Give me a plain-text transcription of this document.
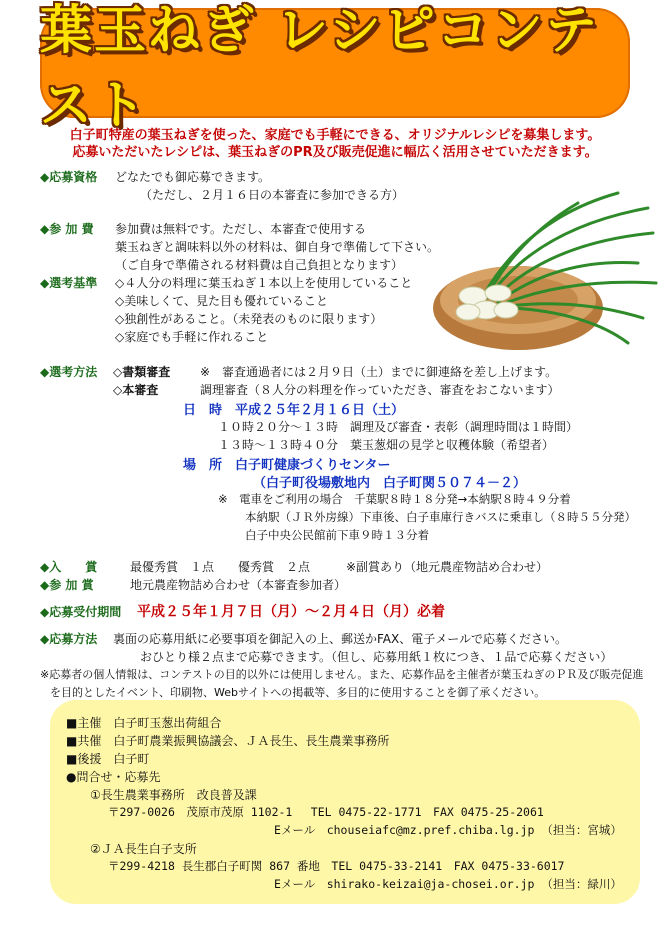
葉玉ねぎ レシピコンテスト
白子町特産の葉玉ねぎを使った、家庭でも手軽にできる、オリジナルレシピを募集します。
応募いただいたレシピは、葉玉ねぎのPR及び販売促進に幅広く活用させていただきます。
◆応募資格 どなたでも御応募できます。
（ただし、２月１６日の本審査に参加できる方）
◆参 加 費 参加費は無料です。ただし、本審査で使用する
葉玉ねぎと調味料以外の材料は、御自身で準備して下さい。
（ご自身で準備される材料費は自己負担となります）
◆選考基準 ◇４人分の料理に葉玉ねぎ１本以上を使用していること
◇美味しくて、見た目も優れていること
◇独創性があること。（未発表のものに限ります）
◇家庭でも手軽に作れること
◆選考方法 ◇書類審査 ※　審査通過者には２月９日（土）までに御連絡を差し上げます。
◇本審査	調理審査（８人分の料理を作っていただき、審査をおこないます）
日　時　平成２５年２月１６日（土）
１０時２０分～１３時　調理及び審査・表彰（調理時間は１時間）
１３時～１３時４０分　葉玉葱畑の見学と収穫体験（希望者）
場　所　白子町健康づくりセンター
（白子町役場敷地内　白子町関５０７４－２）
※　電車をご利用の場合　千葉駅８時１８分発→本納駅８時４９分着
本納駅（ＪＲ外房線）下車後、白子車庫行きバスに乗車し（８時５５分発）
白子中央公民館前下車９時１３分着
◆入　　賞	最優秀賞　１点　　優秀賞　２点　　　※副賞あり（地元農産物詰め合わせ）
◆参 加 賞	地元農産物詰め合わせ（本審査参加者）
◆応募受付期間 平成２５年１月７日（月）～２月４日（月）必着
◆応募方法 裏面の応募用紙に必要事項を御記入の上、郵送かFAX、電子メールで応募ください。
おひとり様２点まで応募できます。（但し、応募用紙１枚につき、１品で応募ください）
※応募者の個人情報は、コンテストの目的以外には使用しません。また、応募作品を主催者が葉玉ねぎのＰＲ及び販売促進
を目的としたイベント、印刷物、Webサイトへの掲載等、多目的に使用することを御了承ください。
■主催　白子町玉葱出荷組合
■共催　白子町農業振興協議会、ＪＡ長生、長生農業事務所
■後援　白子町
●問合せ・応募先
①長生農業事務所　改良普及課
〒297-0026　茂原市茂原 1102-1　 TEL 0475-22-1771　FAX 0475-25-2061
Eメール　chouseiafc@mz.pref.chiba.lg.jp （担当：宮城）
②ＪＡ長生白子支所
〒299-4218 長生郡白子町関 867 番地　TEL 0475-33-2141　FAX 0475-33-6017
Eメール　shirako-keizai@ja-chosei.or.jp （担当：緑川）
